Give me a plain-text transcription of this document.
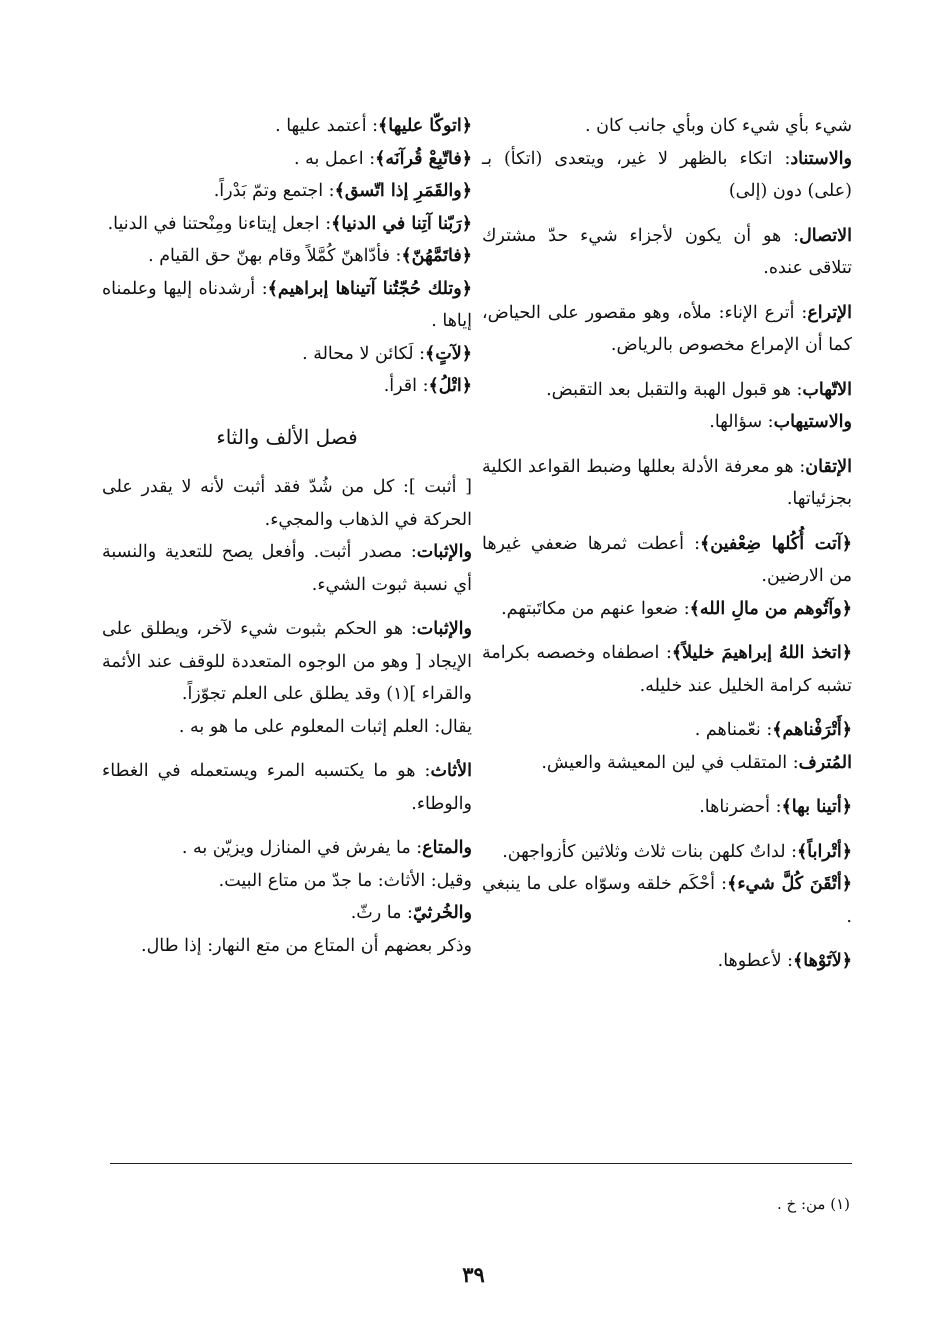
شيء بأي شيء كان وبأي جانب كان .

والاستناد: اتكاء بالظهر لا غير، ويتعدى (اتكأ) بـ (على) دون (إلى)

الاتصال: هو أن يكون لأجزاء شيء حدّ مشترك تتلاقى عنده.

الإتراع: أترع الإناء: ملأه، وهو مقصور على الحياض، كما أن الإمراع مخصوص بالرياض.

الاتّهاب: هو قبول الهبة والتقبل بعد التقبض.

والاستيهاب: سؤالها.

الإتقان: هو معرفة الأدلة بعللها وضبط القواعد الكلية بجزئياتها.

﴿آتت أُكُلها ضِعْفين﴾: أعطت ثمرها ضعفي غيرها من الارضين.

﴿وآتُوهم من مالِ الله﴾: ضعوا عنهم من مكاتَبتهم.

﴿اتخذ اللهُ إبراهيمَ خليلاً﴾: اصطفاه وخصصه بكرامة تشبه كرامة الخليل عند خليله.

﴿أَتْرَفْناهم﴾: نعّمناهم .

المُترف: المتقلب في لين المعيشة والعيش.

﴿أتينا بها﴾: أحضرناها.

﴿أتْراباً﴾: لداتٌ كلهن بنات ثلاث وثلاثين كأزواجهن.

﴿أتْقَنَ كُلَّ شيء﴾: أحْكَم خلقه وسوّاه على ما ينبغي .

﴿لآتَوْها﴾: لأعطوها.

﴿اتوكّا عليها﴾: أعتمد عليها .

﴿فاتّبِعْ قُرآنَه﴾: اعمل به .

﴿والقَمَرِ إذا اتّسق﴾: اجتمع وتمّ بَدْراً.

﴿رَبّنا آتِنا في الدنيا﴾: اجعل إيتاءنا ومِنْحتنا في الدنيا.

﴿فاتَمَّهُنّ﴾: فأدّاهنّ كُمَّلاً وقام بهنّ حق القيام .

﴿وتلك حُجّتُنا آتيناها إبراهيم﴾: أرشدناه إليها وعلمناه إياها .

﴿لآتٍ﴾: لَكائن لا محالة .

﴿اتْلُ﴾: اقرأ.

فصل الألف والثاء

[ أثبت ]: كل من شُدّ فقد أثبت لأنه لا يقدر على الحركة في الذهاب والمجيء.

والإثبات: مصدر أثبت. وأفعل يصح للتعدية والنسبة أي نسبة ثبوت الشيء.

والإثبات: هو الحكم بثبوت شيء لآخر، ويطلق على الإيجاد [ وهو من الوجوه المتعددة للوقف عند الأئمة والقراء ](١) وقد يطلق على العلم تجوّزاً.

يقال: العلم إثبات المعلوم على ما هو به .

الأثاث: هو ما يكتسبه المرء ويستعمله في الغطاء والوطاء.

والمتاع: ما يفرش في المنازل ويزيّن به .

وقيل: الأثاث: ما جدّ من متاع البيت.

والخُرثيّ: ما رثّ.

وذكر بعضهم أن المتاع من متع النهار: إذا طال.

(١) من: خ .
٣٩
